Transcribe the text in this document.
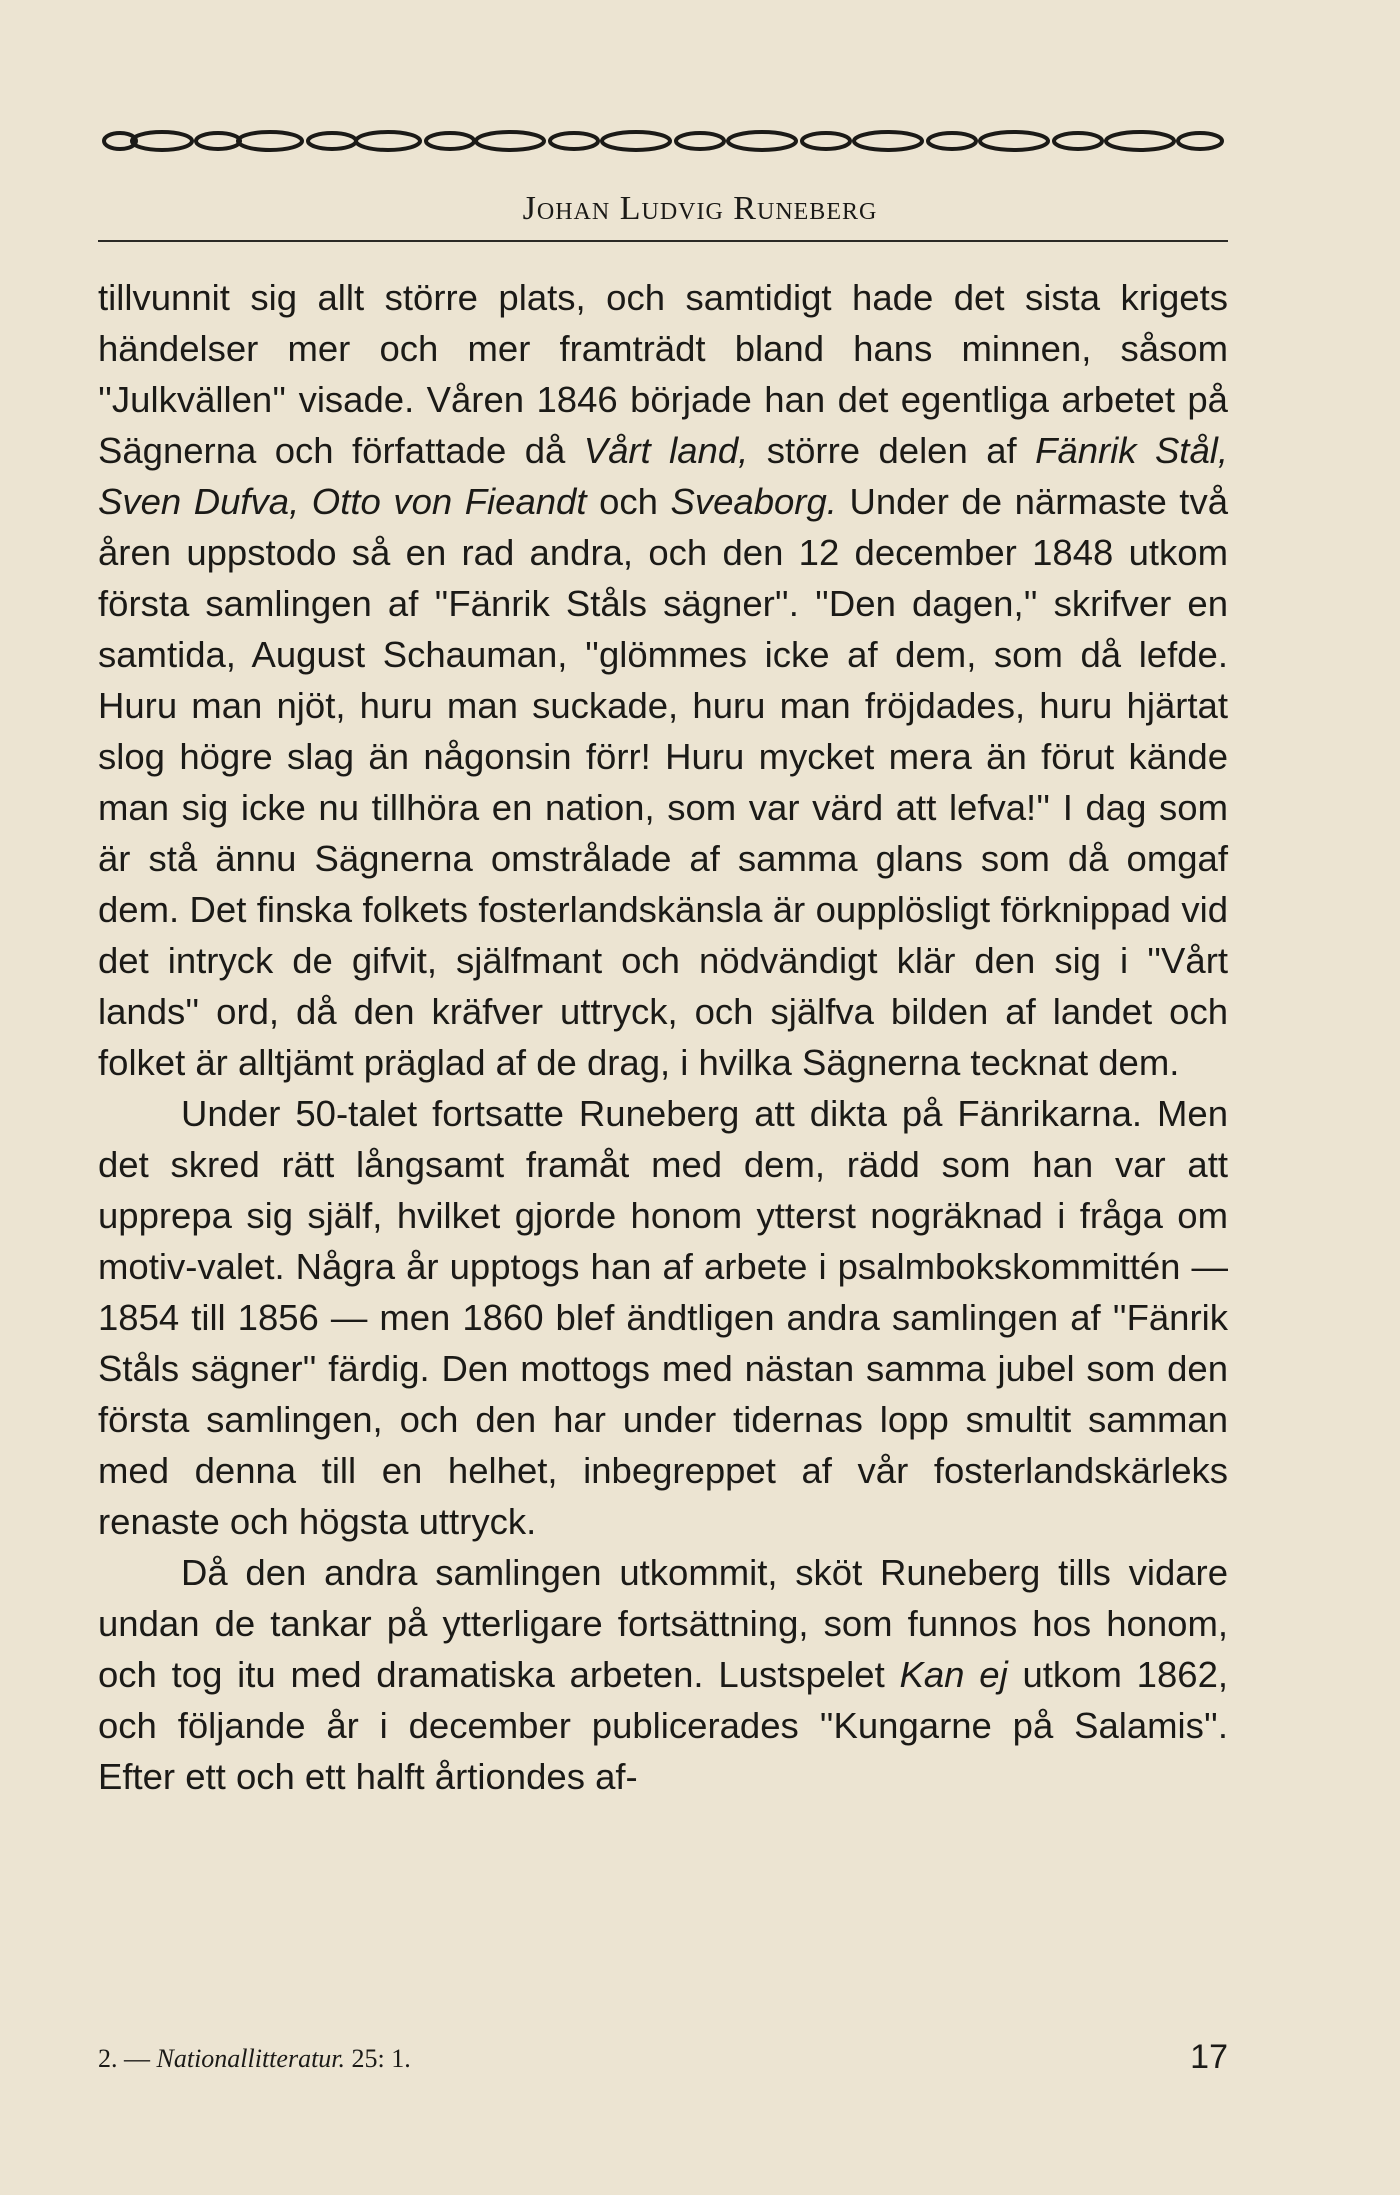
Johan Ludvig Runeberg

tillvunnit sig allt större plats, och samtidigt hade det sista krigets händelser mer och mer framträdt bland hans minnen, såsom ''Julkvällen'' visade. Våren 1846 började han det egentliga arbetet på Sägnerna och författade då Vårt land, större delen af Fänrik Stål, Sven Dufva, Otto von Fieandt och Sveaborg. Under de närmaste två åren uppstodo så en rad andra, och den 12 december 1848 utkom första samlingen af ''Fänrik Ståls sägner''. ''Den dagen,'' skrifver en samtida, August Schauman, ''glömmes icke af dem, som då lefde. Huru man njöt, huru man suckade, huru man fröjdades, huru hjärtat slog högre slag än någonsin förr! Huru mycket mera än förut kände man sig icke nu tillhöra en nation, som var värd att lefva!'' I dag som är stå ännu Sägnerna omstrålade af samma glans som då omgaf dem. Det finska folkets fosterlandskänsla är oupplösligt förknippad vid det intryck de gifvit, själfmant och nödvändigt klär den sig i ''Vårt lands'' ord, då den kräfver uttryck, och själfva bilden af landet och folket är alltjämt präglad af de drag, i hvilka Sägnerna tecknat dem.

Under 50-talet fortsatte Runeberg att dikta på Fänrikarna. Men det skred rätt långsamt framåt med dem, rädd som han var att upprepa sig själf, hvilket gjorde honom ytterst nogräknad i fråga om motiv-valet. Några år upptogs han af arbete i psalmbokskommittén — 1854 till 1856 — men 1860 blef ändtligen andra samlingen af ''Fänrik Ståls sägner'' färdig. Den mottogs med nästan samma jubel som den första samlingen, och den har under tidernas lopp smultit samman med denna till en helhet, inbegreppet af vår fosterlandskärleks renaste och högsta uttryck.

Då den andra samlingen utkommit, sköt Runeberg tills vidare undan de tankar på ytterligare fortsättning, som funnos hos honom, och tog itu med dramatiska arbeten. Lustspelet Kan ej utkom 1862, och följande år i december publicerades ''Kungarne på Salamis''. Efter ett och ett halft årtiondes af-

2. — Nationallitteratur. 25: 1.	17
